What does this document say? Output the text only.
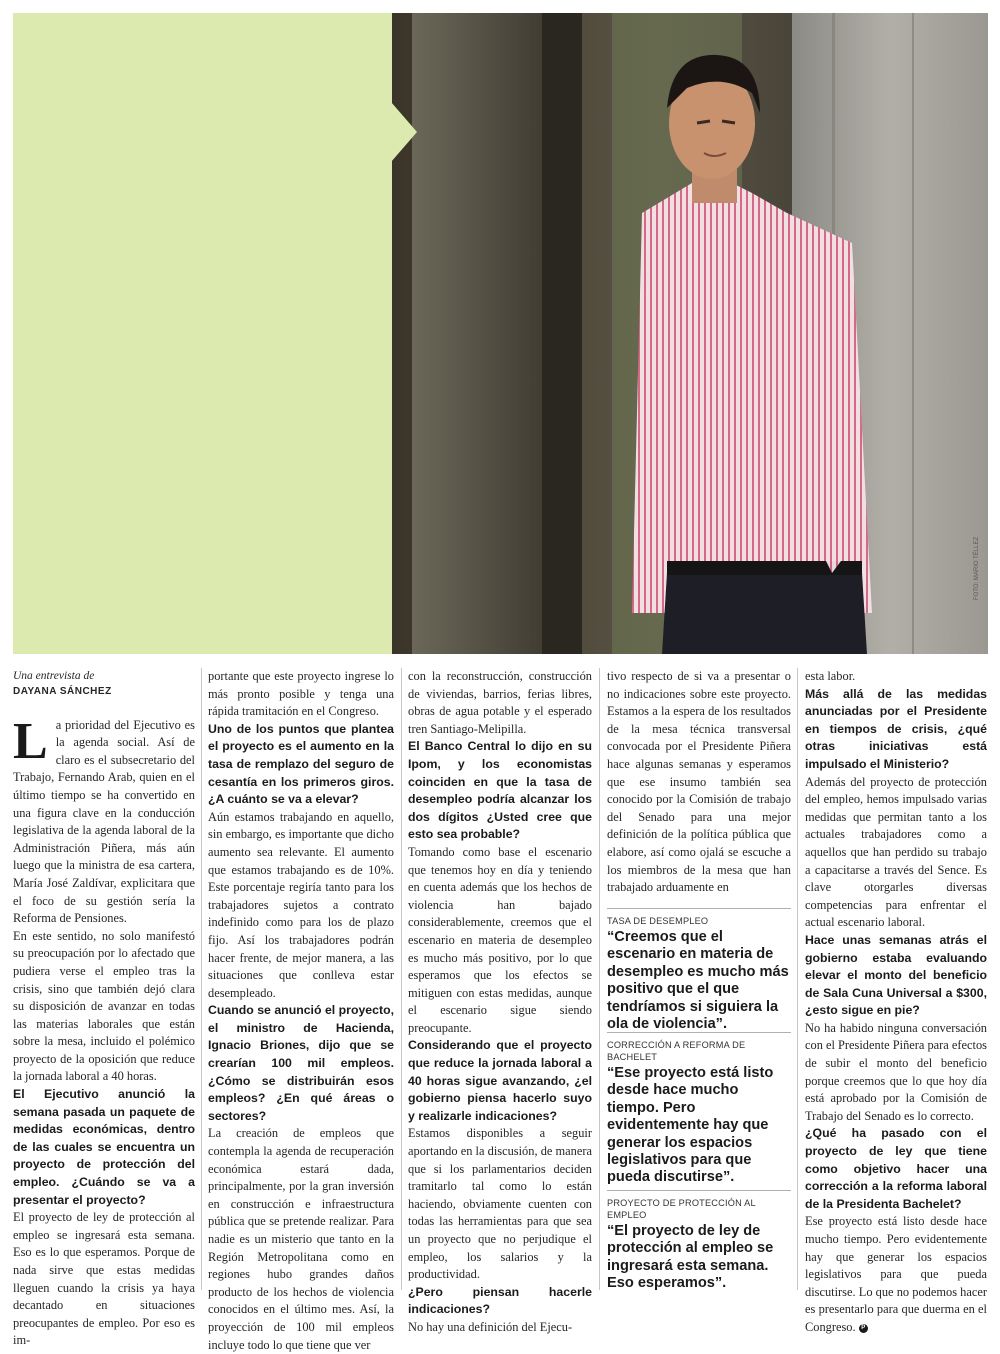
FOTO: MARIO TÉLLEZ
Una entrevista de
DAYANA SÁNCHEZ

La prioridad del Ejecutivo es la agenda social. Así de claro es el subsecretario del Trabajo, Fernando Arab, quien en el último tiempo se ha convertido en una figura clave en la conducción legislativa de la agenda laboral de la Administración Piñera, más aún luego que la ministra de esa cartera, María José Zaldívar, explicitara que el foco de su gestión sería la Reforma de Pensiones.

En este sentido, no solo manifestó su preocupación por lo afectado que pudiera verse el empleo tras la crisis, sino que también dejó clara su disposición de avanzar en todas las materias laborales que están sobre la mesa, incluido el polémico proyecto de la oposición que reduce la jornada laboral a 40 horas.

El Ejecutivo anunció la semana pasada un paquete de medidas económicas, dentro de las cuales se encuentra un proyecto de protección del empleo. ¿Cuándo se va a presentar el proyecto?

El proyecto de ley de protección al empleo se ingresará esta semana. Eso es lo que esperamos. Porque de nada sirve que estas medidas lleguen cuando la crisis ya haya decantado en situaciones preocupantes de empleo. Por eso es im-

portante que este proyecto ingrese lo más pronto posible y tenga una rápida tramitación en el Congreso.

Uno de los puntos que plantea el proyecto es el aumento en la tasa de remplazo del seguro de cesantía en los primeros giros. ¿A cuánto se va a elevar?

Aún estamos trabajando en aquello, sin embargo, es importante que dicho aumento sea relevante. El aumento que estamos trabajando es de 10%. Este porcentaje regiría tanto para los trabajadores sujetos a contrato indefinido como para los de plazo fijo. Así los trabajadores podrán hacer frente, de mejor manera, a las situaciones que conlleva estar desempleado.

Cuando se anunció el proyecto, el ministro de Hacienda, Ignacio Briones, dijo que se crearían 100 mil empleos. ¿Cómo se distribuirán esos empleos? ¿En qué áreas o sectores?

La creación de empleos que contempla la agenda de recuperación económica estará dada, principalmente, por la gran inversión en construcción e infraestructura pública que se pretende realizar. Para nadie es un misterio que tanto en la Región Metropolitana como en regiones hubo grandes daños producto de los hechos de violencia conocidos en el último mes. Así, la proyección de 100 mil empleos incluye todo lo que tiene que ver

con la reconstrucción, construcción de viviendas, barrios, ferias libres, obras de agua potable y el esperado tren Santiago-Melipilla.

El Banco Central lo dijo en su Ipom, y los economistas coinciden en que la tasa de desempleo podría alcanzar los dos dígitos ¿Usted cree que esto sea probable?

Tomando como base el escenario que tenemos hoy en día y teniendo en cuenta además que los hechos de violencia han bajado considerablemente, creemos que el escenario en materia de desempleo es mucho más positivo, por lo que esperamos que los efectos se mitiguen con estas medidas, aunque el escenario sigue siendo preocupante.

Considerando que el proyecto que reduce la jornada laboral a 40 horas sigue avanzando, ¿el gobierno piensa hacerlo suyo y realizarle indicaciones?

Estamos disponibles a seguir aportando en la discusión, de manera que si los parlamentarios deciden tramitarlo tal como lo están haciendo, obviamente cuenten con todas las herramientas para que sea un proyecto que no perjudique el empleo, los salarios y la productividad.

¿Pero piensan hacerle indicaciones?

No hay una definición del Ejecu-

tivo respecto de si va a presentar o no indicaciones sobre este proyecto. Estamos a la espera de los resultados de la mesa técnica transversal convocada por el Presidente Piñera hace algunas semanas y esperamos que ese insumo también sea conocido por la Comisión de trabajo del Senado para una mejor definición de la política pública que elabore, así como ojalá se escuche a los miembros de la mesa que han trabajado arduamente en

TASA DE DESEMPLEO
“Creemos que el escenario en materia de desempleo es mucho más positivo que el que tendríamos si siguiera la ola de violencia”.
CORRECCIÓN A REFORMA DE BACHELET
“Ese proyecto está listo desde hace mucho tiempo. Pero evidentemente hay que generar los espacios legislativos para que pueda discutirse”.
PROYECTO DE PROTECCIÓN AL EMPLEO
“El proyecto de ley de protección al empleo se ingresará esta semana. Eso esperamos”.

esta labor.

Más allá de las medidas anunciadas por el Presidente en tiempos de crisis, ¿qué otras iniciativas está impulsado el Ministerio?

Además del proyecto de protección del empleo, hemos impulsado varias medidas que permitan tanto a los actuales trabajadores como a aquellos que han perdido su trabajo a capacitarse a través del Sence. Es clave otorgarles diversas competencias para enfrentar el actual escenario laboral.

Hace unas semanas atrás el gobierno estaba evaluando elevar el monto del beneficio de Sala Cuna Universal a $300, ¿esto sigue en pie?

No ha habido ninguna conversación con el Presidente Piñera para efectos de subir el monto del beneficio porque creemos que lo que hoy día está aprobado por la Comisión de Trabajo del Senado es lo correcto.

¿Qué ha pasado con el proyecto de ley que tiene como objetivo hacer una corrección a la reforma laboral de la Presidenta Bachelet?

Ese proyecto está listo desde hace mucho tiempo. Pero evidentemente hay que generar los espacios legislativos para que pueda discutirse. Lo que no podemos hacer es presentarlo para que duerma en el Congreso. P
